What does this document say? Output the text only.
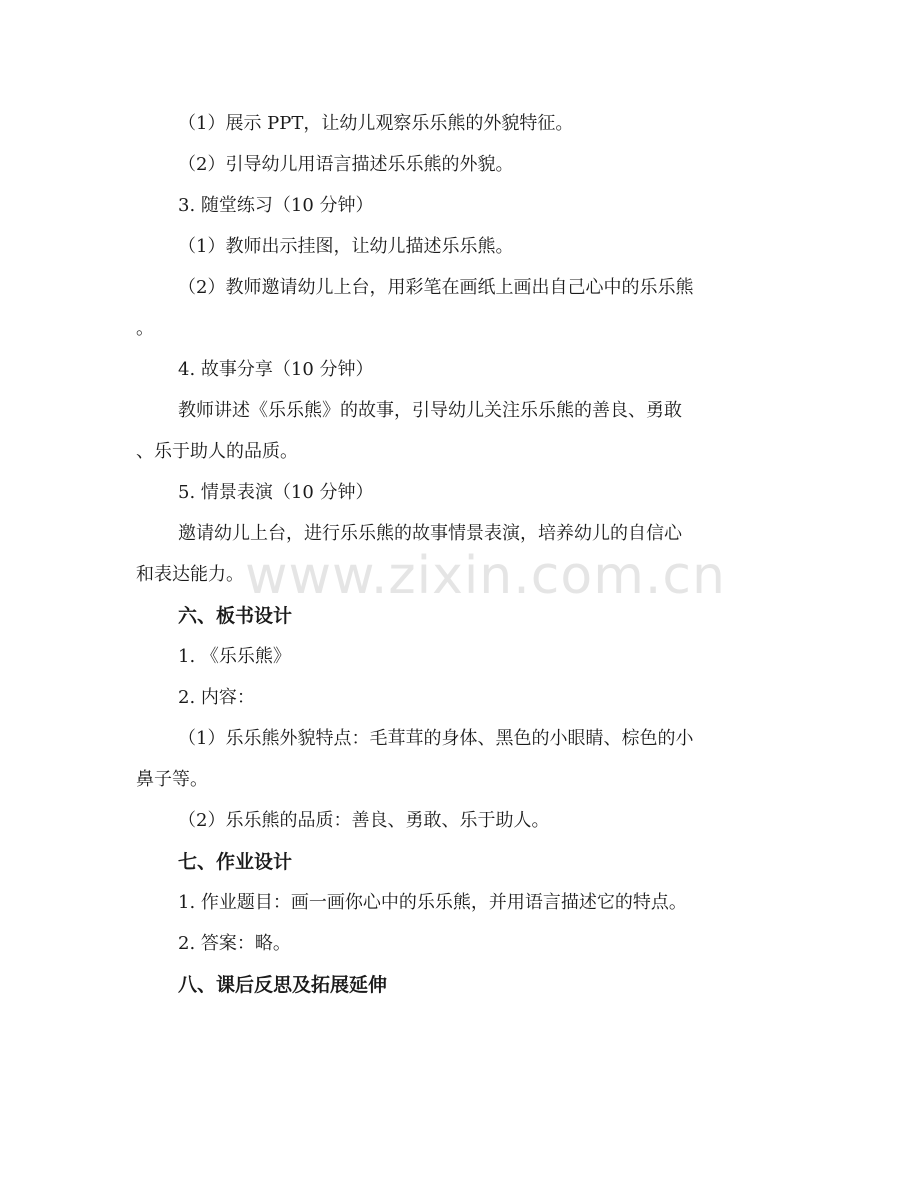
（1）展示 PPT，让幼儿观察乐乐熊的外貌特征。
（2）引导幼儿用语言描述乐乐熊的外貌。
3. 随堂练习（10 分钟）
（1）教师出示挂图，让幼儿描述乐乐熊。
（2）教师邀请幼儿上台，用彩笔在画纸上画出自己心中的乐乐熊
。
4. 故事分享（10 分钟）
教师讲述《乐乐熊》的故事，引导幼儿关注乐乐熊的善良、勇敢
、乐于助人的品质。
5. 情景表演（10 分钟）
邀请幼儿上台，进行乐乐熊的故事情景表演，培养幼儿的自信心
和表达能力。
六、板书设计
1. 《乐乐熊》
2. 内容：
（1）乐乐熊外貌特点：毛茸茸的身体、黑色的小眼睛、棕色的小
鼻子等。
（2）乐乐熊的品质：善良、勇敢、乐于助人。
七、作业设计
1. 作业题目：画一画你心中的乐乐熊，并用语言描述它的特点。
2. 答案：略。
八、课后反思及拓展延伸
www.zixin.com.cn
